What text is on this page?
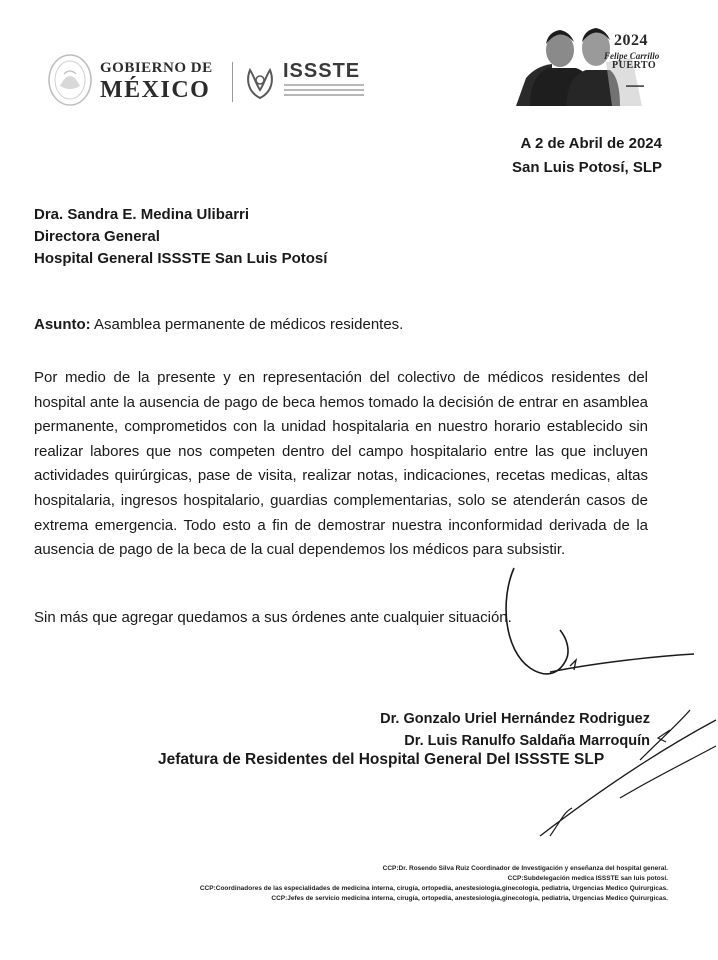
GOBIERNO DE
MÉXICO
ISSSTE
2024
Felipe Carrillo
PUERTO
▬▬▬
A 2 de Abril de 2024
San Luis Potosí, SLP
Dra. Sandra E. Medina Ulibarri
Directora General
Hospital General ISSSTE San Luis Potosí
Asunto: Asamblea permanente de médicos residentes.

Por medio de la presente y en representación del colectivo de médicos residentes del hospital ante la ausencia de pago de beca hemos tomado la decisión de entrar en asamblea permanente, comprometidos con la unidad hospitalaria en nuestro horario establecido sin realizar labores que nos competen dentro del campo hospitalario entre las que incluyen actividades quirúrgicas, pase de visita, realizar notas, indicaciones, recetas medicas, altas hospitalaria, ingresos hospitalario, guardias complementarias, solo se atenderán casos de extrema emergencia. Todo esto a fin de demostrar nuestra inconformidad derivada de la ausencia de pago de la beca de la cual dependemos los médicos para subsistir.

Sin más que agregar quedamos a sus órdenes ante cualquier situación.
Dr. Gonzalo Uriel Hernández Rodriguez
Dr. Luis Ranulfo Saldaña Marroquín
Jefatura de Residentes del Hospital General Del ISSSTE SLP
CCP:Dr. Rosendo Silva Ruiz Coordinador de Investigación y enseñanza del hospital general.
CCP:Subdelegación medica ISSSTE san luis potosí.
CCP:Coordinadores de las especialidades de medicina interna, cirugía, ortopedia, anestesiologia,ginecología, pediatria, Urgencias Medico Quirurgicas.
CCP:Jefes de servicio medicina interna, cirugía, ortopedia, anestesiologia,ginecología, pediatria, Urgencias Medico Quirurgicas.
